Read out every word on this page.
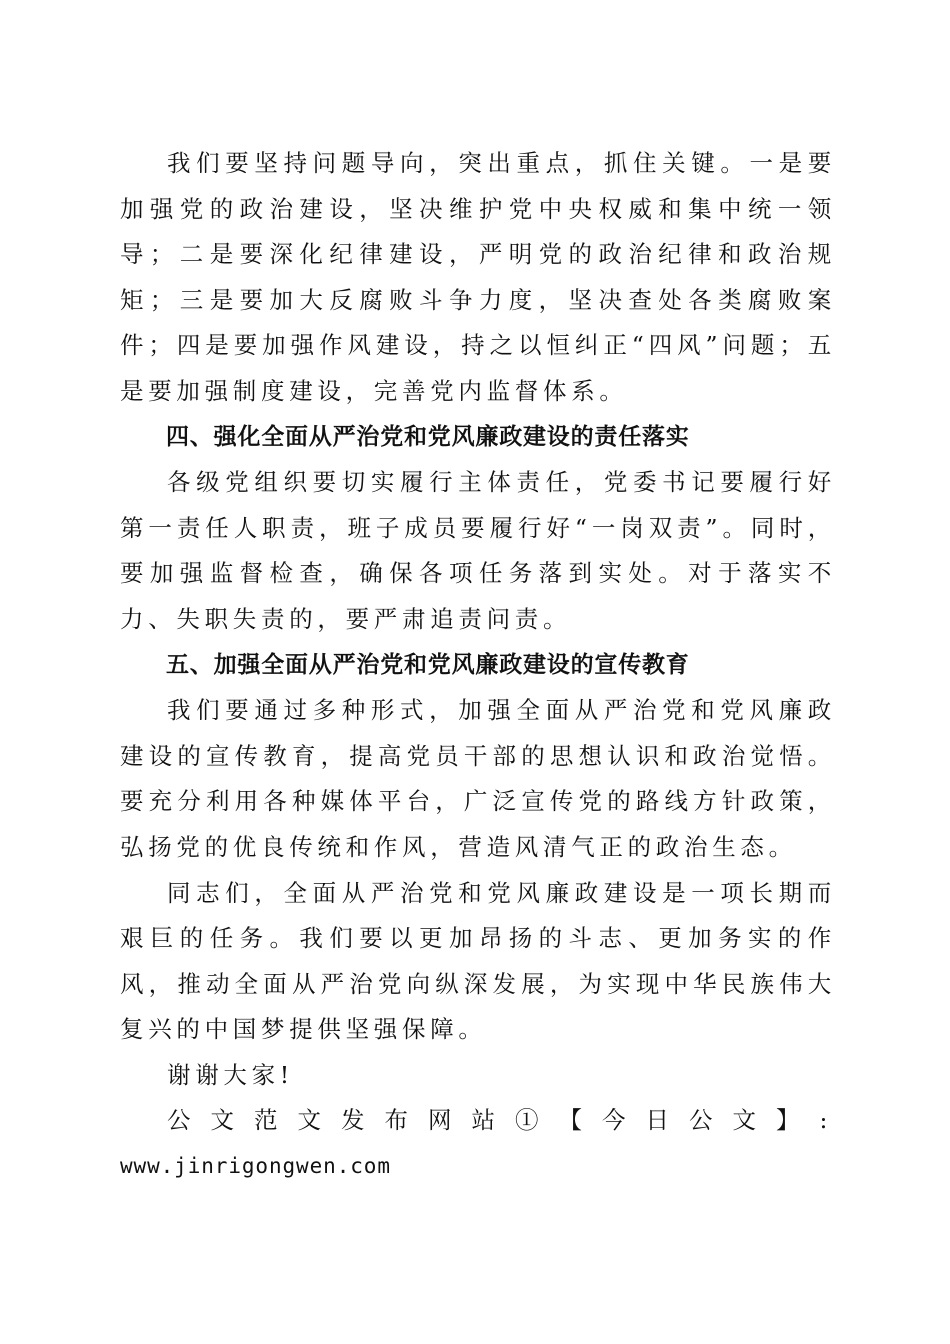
我们要坚持问题导向，突出重点，抓住关键。一是要加强党的政治建设，坚决维护党中央权威和集中统一领导；二是要深化纪律建设，严明党的政治纪律和政治规矩；三是要加大反腐败斗争力度，坚决查处各类腐败案件；四是要加强作风建设，持之以恒纠正“四风”问题；五是要加强制度建设，完善党内监督体系。

四、强化全面从严治党和党风廉政建设的责任落实

各级党组织要切实履行主体责任，党委书记要履行好第一责任人职责，班子成员要履行好“一岗双责”。同时，要加强监督检查，确保各项任务落到实处。对于落实不力、失职失责的，要严肃追责问责。

五、加强全面从严治党和党风廉政建设的宣传教育

我们要通过多种形式，加强全面从严治党和党风廉政建设的宣传教育，提高党员干部的思想认识和政治觉悟。要充分利用各种媒体平台，广泛宣传党的路线方针政策，弘扬党的优良传统和作风，营造风清气正的政治生态。

同志们，全面从严治党和党风廉政建设是一项长期而艰巨的任务。我们要以更加昂扬的斗志、更加务实的作风，推动全面从严治党向纵深发展，为实现中华民族伟大复兴的中国梦提供坚强保障。

谢谢大家!

公文范文发布网站①【今日公文】:

www.jinrigongwen.com
